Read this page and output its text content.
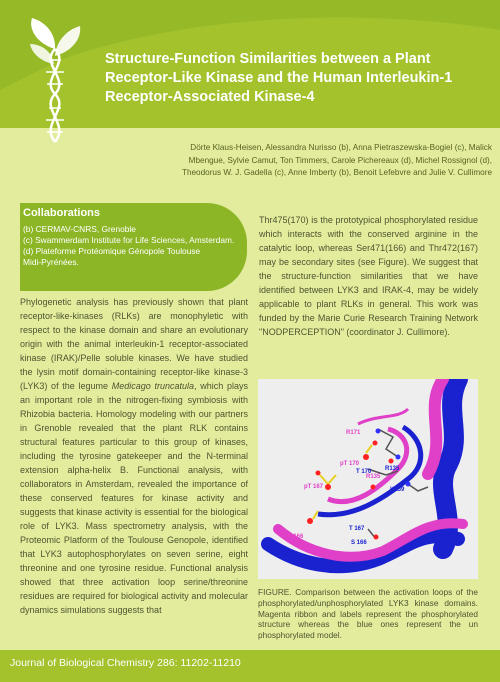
Structure-Function Similarities between a Plant
Receptor-Like Kinase and the Human Interleukin-1
Receptor-Associated Kinase-4
Dörte Klaus-Heisen, Alessandra Nurisso (b), Anna Pietraszewska-Bogiel (c), Malick
Mbengue, Sylvie Camut, Ton Timmers, Carole Pichereaux (d), Michel Rossignol (d),
Theodorus W. J. Gadella (c), Anne Imberty (b), Benoit Lefebvre and Julie V. Cullimore
Collaborations
(b) CERMAV-CNRS, Grenoble
(c) Swammerdam Institute for Life Sciences, Amsterdam.
(d) Plateforme Protéomique Génopole Toulouse
Midi-Pyrénées.
Phylogenetic analysis has previously shown that plant receptor-like-kinases (RLKs) are monophyletic with respect to the kinase domain and share an evolutionary origin with the animal interleukin-1 receptor-associated kinase (IRAK)/Pelle soluble kinases. We have studied the lysin motif domain-containing receptor-like kinase-3 (LYK3) of the legume Medicago truncatula, which plays an important role in the nitrogen-fixing symbiosis with Rhizobia bacteria. Homology modeling with our partners in Grenoble revealed that the plant RLK contains structural features particular to this group of kinases, including the tyrosine gatekeeper and the N-terminal extension alpha-helix B. Functional analysis, with collaborators in Amsterdam, revealed the importance of these conserved features for kinase activity and suggests that kinase activity is essential for the biological role of LYK3. Mass spectrometry analysis, with the Proteomic Platform of the Toulouse Genopole, identified that LYK3 autophosphorylates on seven serine, eight threonine and one tyrosine residue. Functional analysis showed that three activation loop serine/threonine residues are required for biological activity and molecular dynamics simulations suggests that
Thr475(170) is the prototypical phosphorylated residue which interacts with the conserved arginine in the catalytic loop, whereas Ser471(166) and Thr472(167) may be secondary sites (see Figure). We suggest that the structure-function similarities that we have identified between LYK3 and IRAK-4, may be widely applicable to plant RLKs in general. This work was funded by the Marie Curie Research Training Network "NODPERCEPTION" (coordinator J. Cullimore).
R171
pT 170
T 170 R135
R135
K159
pT 167
T 167
S 166
pS 166
FIGURE. Comparison between the activation loops of the phosphorylated/unphosphorylated LYK3 kinase domains. Magenta ribbon and labels represent the phosphorylated structure whereas the blue ones represent the un phosphorylated model.
Journal of Biological Chemistry 286: 11202-11210
